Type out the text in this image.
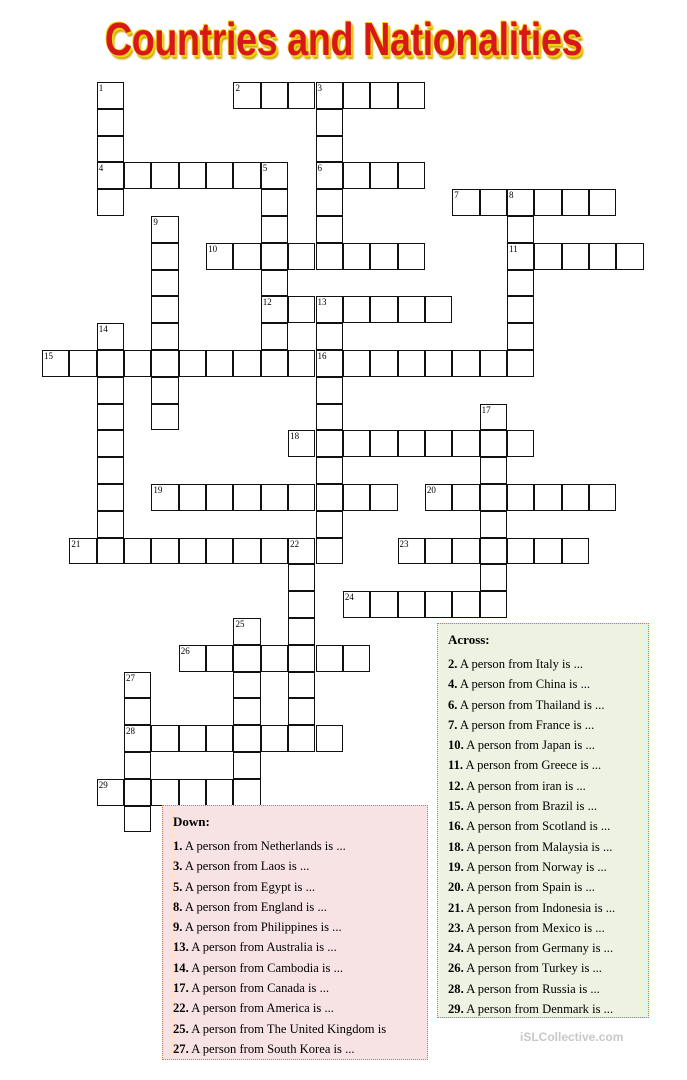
Countries and Nationalities
1
4
2	3
6
5
12
7	8
11
9
10
13
16
14
15
17
18
19	20
21	22	23
24
25
26
27
28
29
Across:
2. A person from Italy is ...
4. A person from China is ...
6. A person from Thailand is ...
7. A person from France is ...
10. A person from Japan is ...
11. A person from Greece is ...
12. A person from iran is ...
15. A person from Brazil is ...
16. A person from Scotland is ...
18. A person from Malaysia is ...
19. A person from Norway is ...
20. A person from Spain is ...
21. A person from Indonesia is ...
23. A person from Mexico is ...
24. A person from Germany is ...
26. A person from Turkey is ...
28. A person from Russia is ...
29. A person from Denmark is ...
Down:
1. A person from Netherlands is ...
3. A person from Laos is ...
5. A person from Egypt is ...
8. A person from England is ...
9. A person from Philippines is ...
13. A person from Australia is ...
14. A person from Cambodia is ...
17. A person from Canada is ...
22. A person from America is ...
25. A person from The United Kingdom is
27. A person from South Korea is ...
iSLCollective.com
